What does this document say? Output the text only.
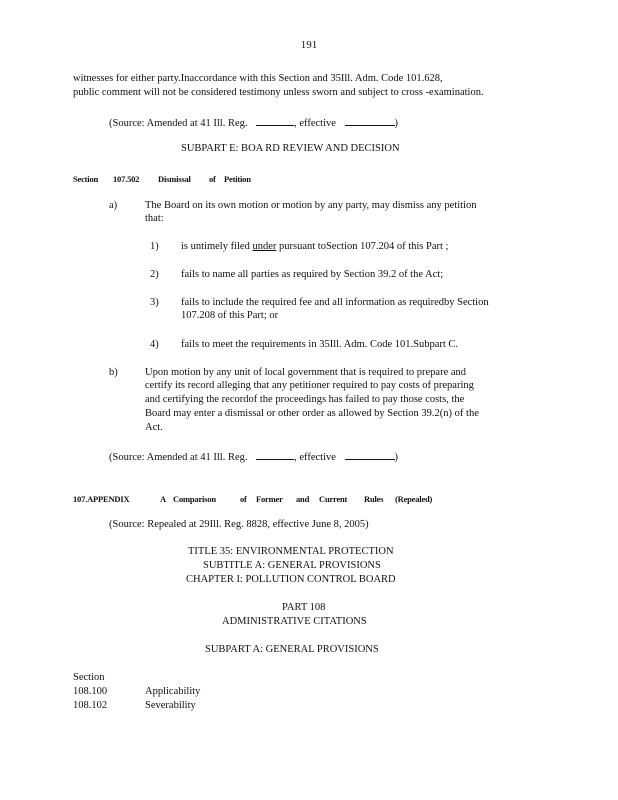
191
witnesses for either party.Inaccordance with this Section and 35Ill. Adm. Code 101.628,
public comment will not be considered testimony unless sworn and subject to cross -examination.
(Source: Amended at 41 Ill. Reg.	, effective	)
SUBPART E: BOA RD REVIEW AND DECISION
Section 107.502 Dismissal of Petition
a)	The Board on its own motion or motion by any party, may dismiss any petition
that:
1) is untimely filed under pursuant toSection 107.204 of this Part ;
2) fails to name all parties as required by Section 39.2 of the Act;
3) fails to include the required fee and all information as requiredby Section
107.208 of this Part; or
4) fails to meet the requirements in 35Ill. Adm. Code 101.Subpart C.
b)	Upon motion by any unit of local government that is required to prepare and
certify its record alleging that any petitioner required to pay costs of preparing
and certifying the recordof the proceedings has failed to pay those costs, the
Board may enter a dismissal or other order as allowed by Section 39.2(n) of the
Act.
(Source: Amended at 41 Ill. Reg.	, effective	)
107.APPENDIX	A Comparison	of Former and Current Rules (Repealed)
(Source: Repealed at 29Ill. Reg. 8828, effective June 8, 2005)
TITLE 35: ENVIRONMENTAL PROTECTION
SUBTITLE A: GENERAL PROVISIONS
CHAPTER I: POLLUTION CONTROL BOARD
PART 108
ADMINISTRATIVE CITATIONS
SUBPART A: GENERAL PROVISIONS
Section
108.100	Applicability
108.102	Severability
